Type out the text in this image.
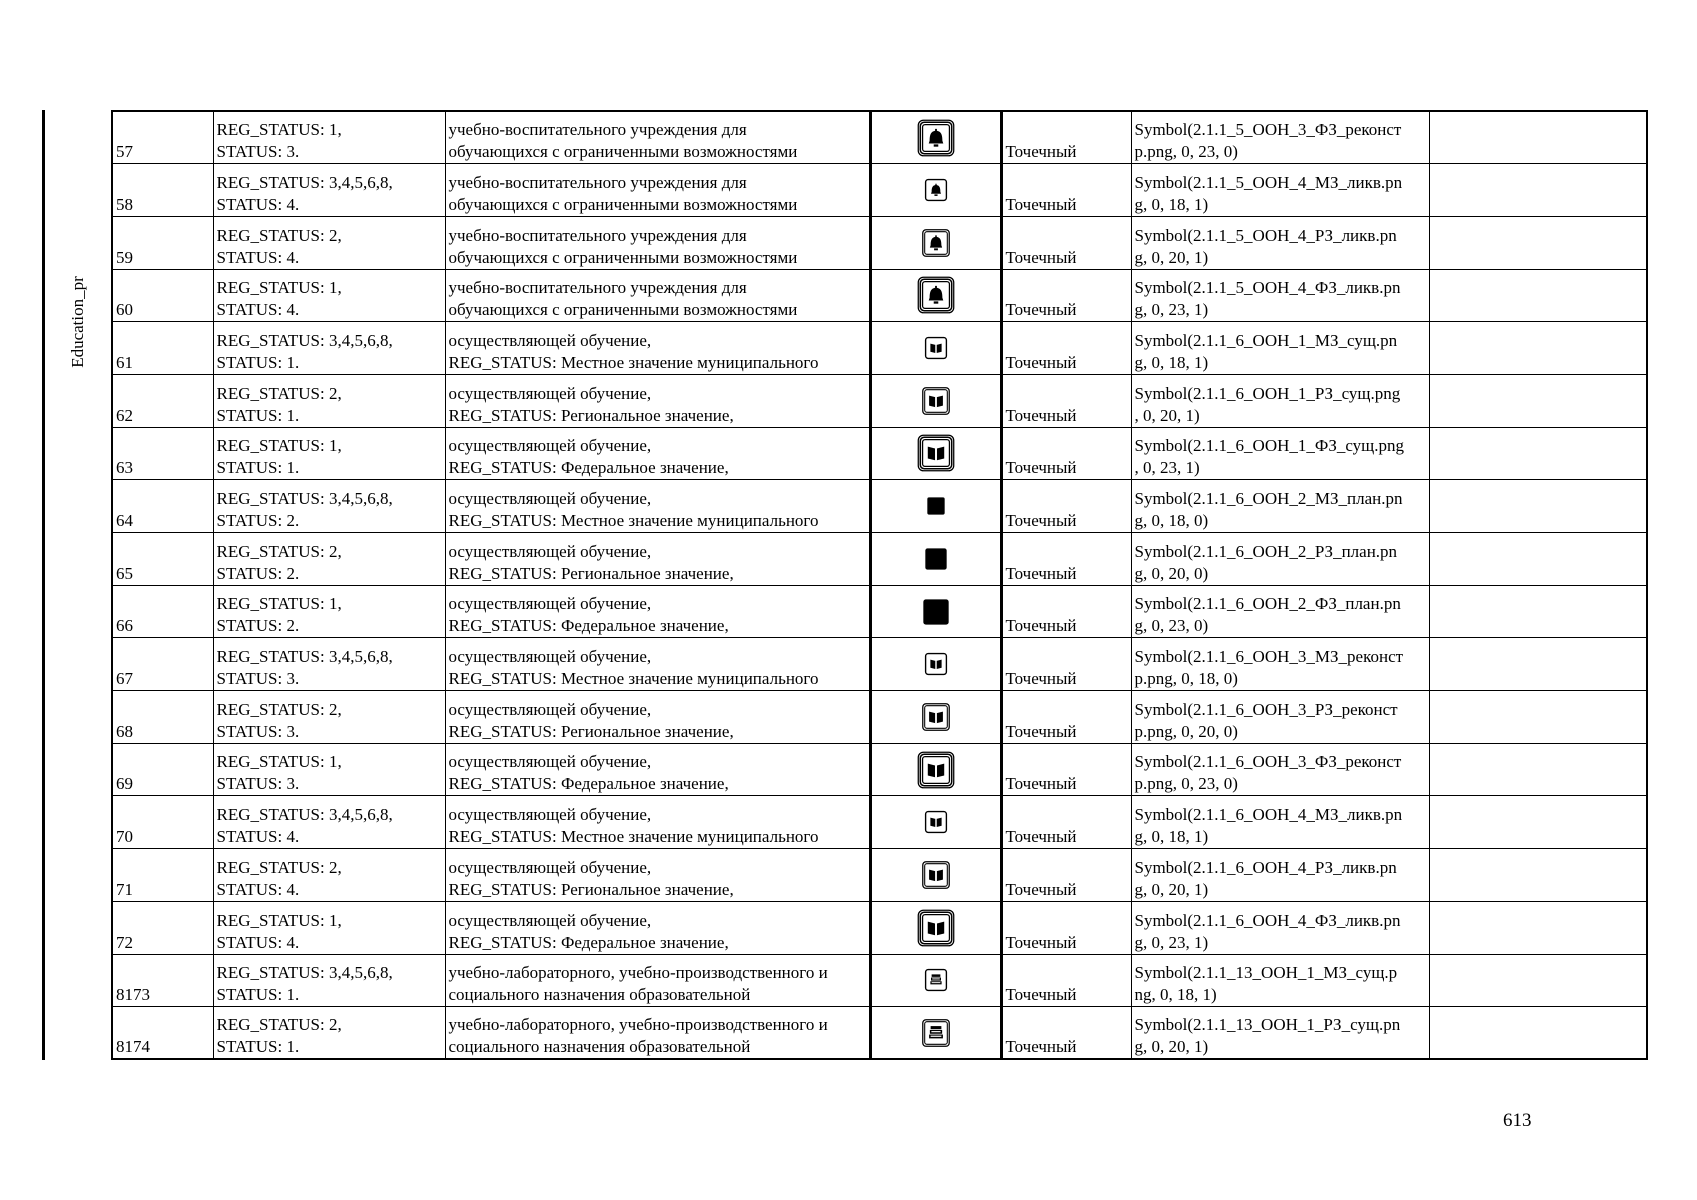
Education_pr
57	REG_STATUS: 1,
STATUS: 3.	учебно-воспитательного учреждения для
обучающихся с ограниченными возможностями		Точечный	Symbol(2.1.1_5_ООН_3_ФЗ_реконст
p.png, 0, 23, 0)	

58	REG_STATUS: 3,4,5,6,8,
STATUS: 4.	учебно-воспитательного учреждения для
обучающихся с ограниченными возможностями		Точечный	Symbol(2.1.1_5_ООН_4_МЗ_ликв.pn
g, 0, 18, 1)	

59	REG_STATUS: 2,
STATUS: 4.	учебно-воспитательного учреждения для
обучающихся с ограниченными возможностями		Точечный	Symbol(2.1.1_5_ООН_4_РЗ_ликв.pn
g, 0, 20, 1)	

60	REG_STATUS: 1,
STATUS: 4.	учебно-воспитательного учреждения для
обучающихся с ограниченными возможностями		Точечный	Symbol(2.1.1_5_ООН_4_ФЗ_ликв.pn
g, 0, 23, 1)	

61	REG_STATUS: 3,4,5,6,8,
STATUS: 1.	осуществляющей обучение,
REG_STATUS: Местное значение муниципального		Точечный	Symbol(2.1.1_6_ООН_1_МЗ_сущ.pn
g, 0, 18, 1)	

62	REG_STATUS: 2,
STATUS: 1.	осуществляющей обучение,
REG_STATUS: Региональное значение,		Точечный	Symbol(2.1.1_6_ООН_1_РЗ_сущ.png
, 0, 20, 1)	

63	REG_STATUS: 1,
STATUS: 1.	осуществляющей обучение,
REG_STATUS: Федеральное значение,		Точечный	Symbol(2.1.1_6_ООН_1_ФЗ_сущ.png
, 0, 23, 1)	

64	REG_STATUS: 3,4,5,6,8,
STATUS: 2.	осуществляющей обучение,
REG_STATUS: Местное значение муниципального		Точечный	Symbol(2.1.1_6_ООН_2_МЗ_план.pn
g, 0, 18, 0)	

65	REG_STATUS: 2,
STATUS: 2.	осуществляющей обучение,
REG_STATUS: Региональное значение,		Точечный	Symbol(2.1.1_6_ООН_2_РЗ_план.pn
g, 0, 20, 0)	

66	REG_STATUS: 1,
STATUS: 2.	осуществляющей обучение,
REG_STATUS: Федеральное значение,		Точечный	Symbol(2.1.1_6_ООН_2_ФЗ_план.pn
g, 0, 23, 0)	

67	REG_STATUS: 3,4,5,6,8,
STATUS: 3.	осуществляющей обучение,
REG_STATUS: Местное значение муниципального		Точечный	Symbol(2.1.1_6_ООН_3_МЗ_реконст
p.png, 0, 18, 0)	

68	REG_STATUS: 2,
STATUS: 3.	осуществляющей обучение,
REG_STATUS: Региональное значение,		Точечный	Symbol(2.1.1_6_ООН_3_РЗ_реконст
p.png, 0, 20, 0)	

69	REG_STATUS: 1,
STATUS: 3.	осуществляющей обучение,
REG_STATUS: Федеральное значение,		Точечный	Symbol(2.1.1_6_ООН_3_ФЗ_реконст
p.png, 0, 23, 0)	

70	REG_STATUS: 3,4,5,6,8,
STATUS: 4.	осуществляющей обучение,
REG_STATUS: Местное значение муниципального		Точечный	Symbol(2.1.1_6_ООН_4_МЗ_ликв.pn
g, 0, 18, 1)	

71	REG_STATUS: 2,
STATUS: 4.	осуществляющей обучение,
REG_STATUS: Региональное значение,		Точечный	Symbol(2.1.1_6_ООН_4_РЗ_ликв.pn
g, 0, 20, 1)	

72	REG_STATUS: 1,
STATUS: 4.	осуществляющей обучение,
REG_STATUS: Федеральное значение,		Точечный	Symbol(2.1.1_6_ООН_4_ФЗ_ликв.pn
g, 0, 23, 1)	

8173	REG_STATUS: 3,4,5,6,8,
STATUS: 1.	учебно-лабораторного, учебно-производственного и
социального назначения образовательной		Точечный	Symbol(2.1.1_13_ООН_1_МЗ_сущ.p
ng, 0, 18, 1)	

8174	REG_STATUS: 2,
STATUS: 1.	учебно-лабораторного, учебно-производственного и
социального назначения образовательной		Точечный	Symbol(2.1.1_13_ООН_1_РЗ_сущ.pn
g, 0, 20, 1)	

613
